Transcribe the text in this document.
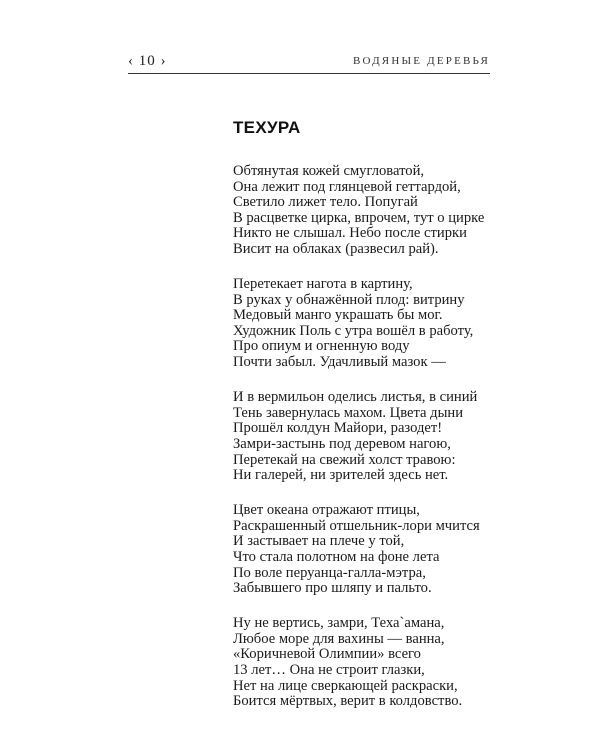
‹ 10 ›	ВОДЯНЫЕ ДЕРЕВЬЯ
ТЕХУРА
Обтянутая кожей смугловатой,
Она лежит под глянцевой геттардой,
Светило лижет тело. Попугай
В расцветке цирка, впрочем, тут о цирке
Никто не слышал. Небо после стирки
Висит на облаках (развесил рай).
Перетекает нагота в картину,
В руках у обнажённой плод: витрину
Медовый манго украшать бы мог.
Художник Поль с утра вошёл в работу,
Про опиум и огненную воду
Почти забыл. Удачливый мазок —
И в вермильон оделись листья, в синий
Тень завернулась махом. Цвета дыни
Прошёл колдун Майори, разодет!
Замри-застынь под деревом нагою,
Перетекай на свежий холст травою:
Ни галерей, ни зрителей здесь нет.
Цвет океана отражают птицы,
Раскрашенный отшельник-лори мчится
И застывает на плече у той,
Что стала полотном на фоне лета
По воле перуанца-галла-мэтра,
Забывшего про шляпу и пальто.
Ну не вертись, замри, Теха`амана,
Любое море для вахины — ванна,
«Коричневой Олимпии» всего
13 лет… Она не строит глазки,
Нет на лице сверкающей раскраски,
Боится мёртвых, верит в колдовство.
